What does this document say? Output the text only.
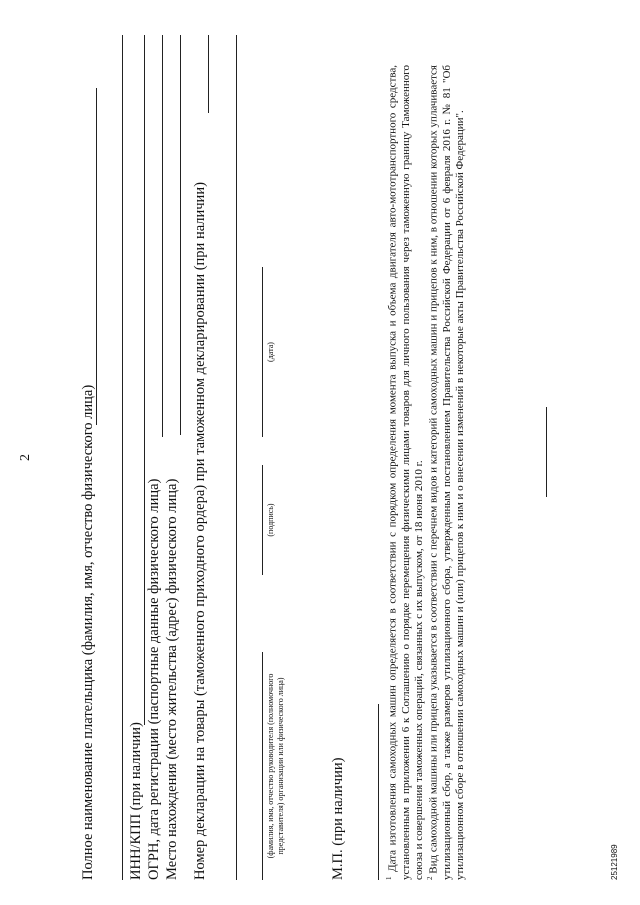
2	Полное наименование плательщика (фамилия, имя, отчество физического лица) ИНН/КПП (при наличии) ОГРН, дата регистрации (паспортные данные физического лица) Место нахождения (место жительства (адрес) физического лица) Номер декларации на товары (таможенного приходного ордера) при таможенном декларировании (при наличии)	(фамилия, имя, отчество руководителя (полномочного представителя) организации или физического лица)
(подпись)
(дата)
М.П. (при наличии)	$^1$ Дата изготовления самоходных машин определяется в соответствии с порядком определения момента выпуска и объема двигателя авто-мототранспортного средства, установленным в приложении 6 к Соглашению о порядке перемещения физическими лицами товаров для личного пользования через таможенную границу Таможенного союза и совершения таможенных операций, связанных с их выпуском, от 18 июня 2010 г. $^2$ Вид самоходной машины или прицепа указывается в соответствии с перечнем видов и категорий самоходных машин и прицепов к ним, в отношении которых уплачивается утилизационный сбор, а также размеров утилизационного сбора, утвержденным постановлением Правительства Российской Федерации от 6 февраля 2016 г. № 81 "Об утилизационном сборе в отношении самоходных машин и (или) прицепов к ним и о внесении изменений в некоторые акты Правительства Российской Федерации".	25121989
